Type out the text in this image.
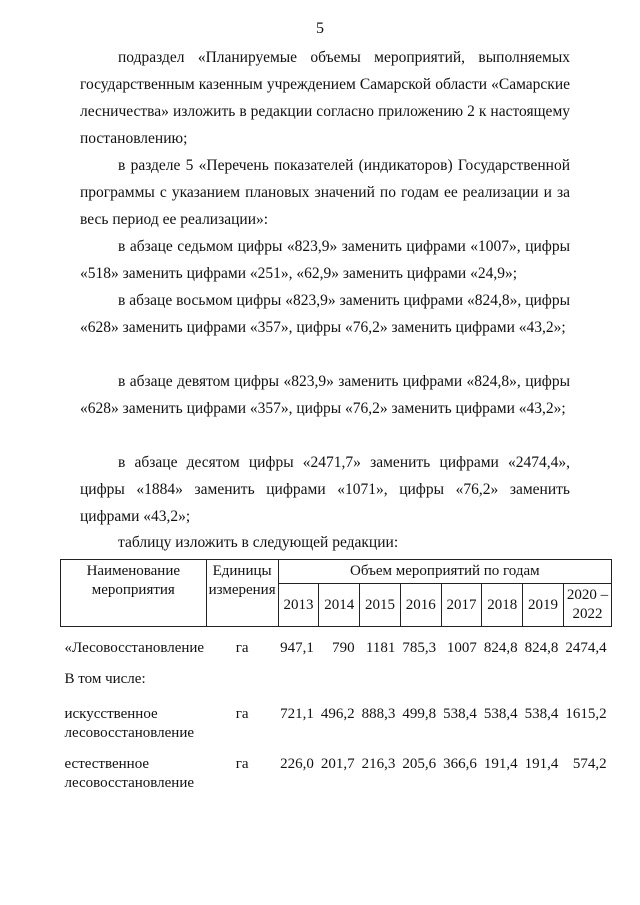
5

подраздел «Планируемые объемы мероприятий, выполняемых государственным казенным учреждением Самарской области «Самарские лесничества» изложить в редакции согласно приложению 2 к настоящему постановлению;

в разделе 5 «Перечень показателей (индикаторов) Государственной программы с указанием плановых значений по годам ее реализации и за весь период ее реализации»:

в абзаце седьмом цифры «823,9» заменить цифрами «1007», цифры «518» заменить цифрами «251», «62,9» заменить цифрами «24,9»;

в абзаце восьмом цифры «823,9» заменить цифрами «824,8», цифры «628» заменить цифрами «357», цифры «76,2» заменить цифрами «43,2»;

в абзаце девятом цифры «823,9» заменить цифрами «824,8», цифры «628» заменить цифрами «357», цифры «76,2» заменить цифрами «43,2»;

в абзаце десятом цифры «2471,7» заменить цифрами «2474,4», цифры «1884» заменить цифрами «1071», цифры «76,2» заменить цифрами «43,2»;

таблицу изложить в следующей редакции:

Наименование мероприятия	Единицы измерения	Объем мероприятий по годам							
		2013	2014	2015	2016	2017	2018	2019	2020 – 2022

«Лесовосстановление	га	947,1	790	1181	785,3	1007	824,8	824,8	2474,4

В том числе:									

искусственное лесовосстановление	га	721,1	496,2	888,3	499,8	538,4	538,4	538,4	1615,2

естественное лесовосстановление	га	226,0	201,7	216,3	205,6	366,6	191,4	191,4	574,2
